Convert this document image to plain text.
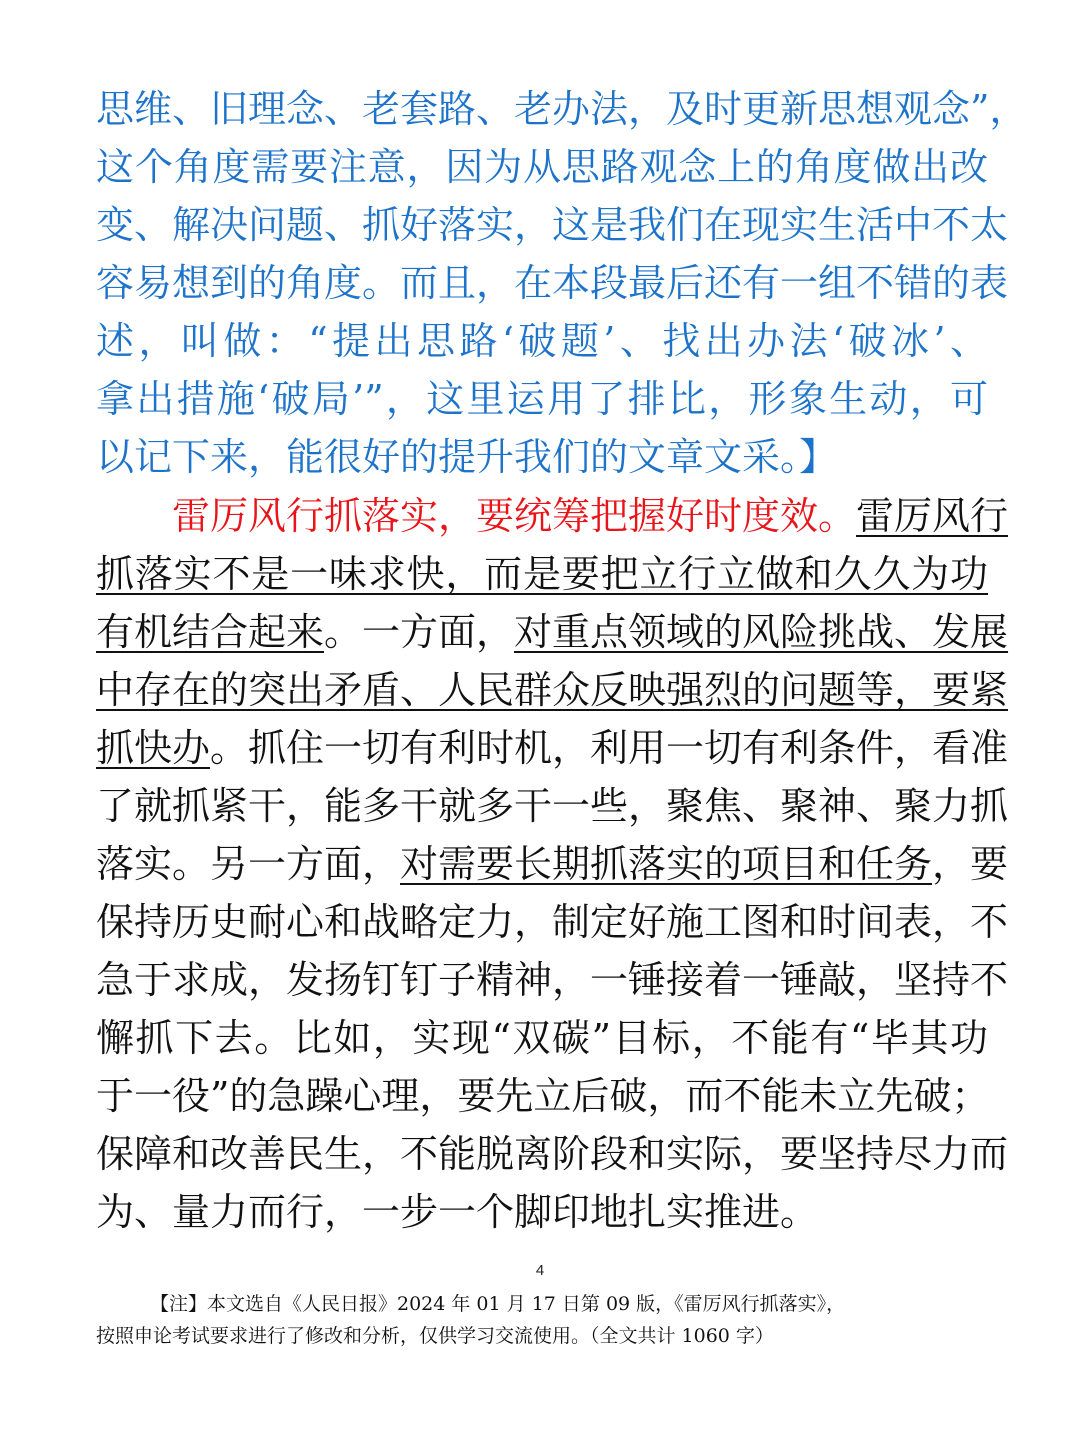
思维、旧理念、老套路、老办法，及时更新思想观念”，
这个角度需要注意，因为从思路观念上的角度做出改
变、解决问题、抓好落实，这是我们在现实生活中不太
容易想到的角度。而且，在本段最后还有一组不错的表
述，叫做：“提出思路‘破题’、找出办法‘破冰’、
拿出措施‘破局’”，这里运用了排比，形象生动，可
以记下来，能很好的提升我们的文章文采。】
雷厉风行抓落实，要统筹把握好时度效。雷厉风行
抓落实不是一味求快，而是要把立行立做和久久为功
有机结合起来。一方面，对重点领域的风险挑战、发展
中存在的突出矛盾、人民群众反映强烈的问题等，要紧
抓快办。抓住一切有利时机，利用一切有利条件，看准
了就抓紧干，能多干就多干一些，聚焦、聚神、聚力抓
落实。另一方面，对需要长期抓落实的项目和任务，要
保持历史耐心和战略定力，制定好施工图和时间表，不
急于求成，发扬钉钉子精神，一锤接着一锤敲，坚持不
懈抓下去。比如，实现“双碳”目标，不能有“毕其功
于一役”的急躁心理，要先立后破，而不能未立先破；
保障和改善民生，不能脱离阶段和实际，要坚持尽力而
为、量力而行，一步一个脚印地扎实推进。
4
【注】本文选自《人民日报》2024 年 01 月 17 日第 09 版，《雷厉风行抓落实》，
按照申论考试要求进行了修改和分析，仅供学习交流使用。（全文共计 1060 字）
